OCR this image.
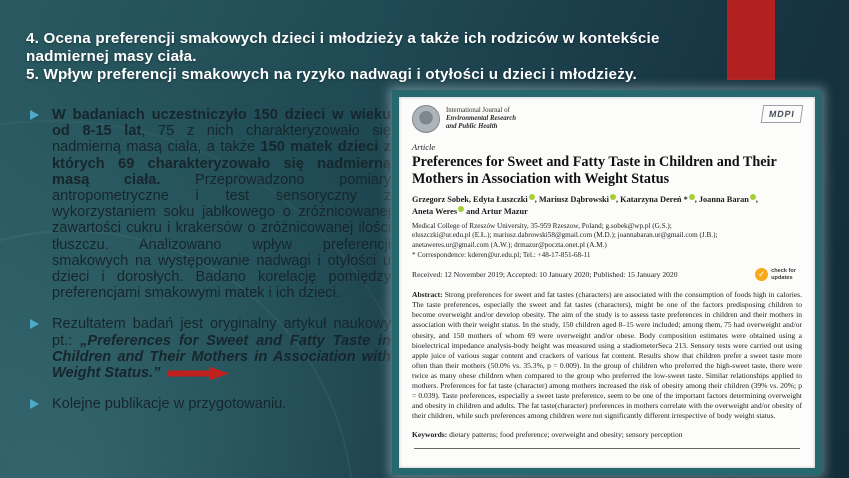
4. Ocena preferencji smakowych dzieci i młodzieży a także ich rodziców w kontekście nadmiernej masy ciała.

5. Wpływ preferencji smakowych na ryzyko nadwagi i otyłości u dzieci i młodzieży.

W badaniach uczestniczyło 150 dzieci w wieku od 8-15 lat, 75 z nich charakteryzowało się nadmierną masą ciała, a także 150 matek dzieci z których 69 charakteryzowało się nadmierną masą ciała. Przeprowadzono pomiary antropometryczne i test sensoryczny z wykorzystaniem soku jabłkowego o zróżnicowanej zawartości cukru i krakersów o zróżnicowanej ilości tłuszczu. Analizowano wpływ preferencji smakowych na występowanie nadwagi i otyłości u dzieci i dorosłych. Badano korelację pomiędzy preferencjami smakowymi matek i ich dzieci.
Rezultatem badań jest oryginalny artykuł naukowy pt.: „Preferences for Sweet and Fatty Taste in Children and Their Mothers in Association with Weight Status.”
Kolejne publikacje w przygotowaniu.
International Journal of
Environmental Research
and Public Health
MDPI
Article
Preferences for Sweet and Fatty Taste in Children and Their Mothers in Association with Weight Status
Grzegorz Sobek, Edyta Łuszczki , Mariusz Dąbrowski , Katarzyna Dereń * , Joanna Baran ,
Aneta Weres and Artur Mazur
Medical College of Rzeszów University, 35-959 Rzeszow, Poland; g.sobek@wp.pl (G.S.);
eluszczki@ur.edu.pl (E.Ł.); mariusz.dabrowski58@gmail.com (M.D.); joannabaran.ur@gmail.com (J.B.);
anetaweres.ur@gmail.com (A.W.); drmazur@poczta.onet.pl (A.M.)
* Correspondence: kderen@ur.edu.pl; Tel.: +48-17-851-68-11
Received: 12 November 2019; Accepted: 10 January 2020; Published: 15 January 2020	✓	check for
updates
Abstract: Strong preferences for sweet and fat tastes (characters) are associated with the consumption of foods high in calories. The taste preferences, especially the sweet and fat tastes (characters), might be one of the factors predisposing children to become overweight and/or develop obesity. The aim of the study is to assess taste preferences in children and their mothers in association with their weight status. In the study, 150 children aged 8–15 were included; among them, 75 had overweight and/or obesity, and 150 mothers of whom 69 were overweight and/or obese. Body composition estimates were obtained using a bioelectrical impedance analysis-body height was measured using a stadiometerSeca 213. Sensory tests were carried out using apple juice of various sugar content and crackers of various fat content. Results show that children prefer a sweet taste more often than their mothers (50.0% vs. 35.3%, p = 0.009). In the group of children who preferred the high-sweet taste, there were twice as many obese children when compared to the group who preferred the low-sweet taste. Similar relationships applied to mothers. Preferences for fat taste (character) among mothers increased the risk of obesity among their children (39% vs. 20%; p = 0.039). Taste preferences, especially a sweet taste preference, seem to be one of the important factors determining overweight and obesity in children and adults. The fat taste(character) preferences in mothers correlate with the overweight and/or obesity of their children, while such preferences among children were not significantly different irrespective of body weight status.
Keywords: dietary patterns; food preference; overweight and obesity; sensory perception
